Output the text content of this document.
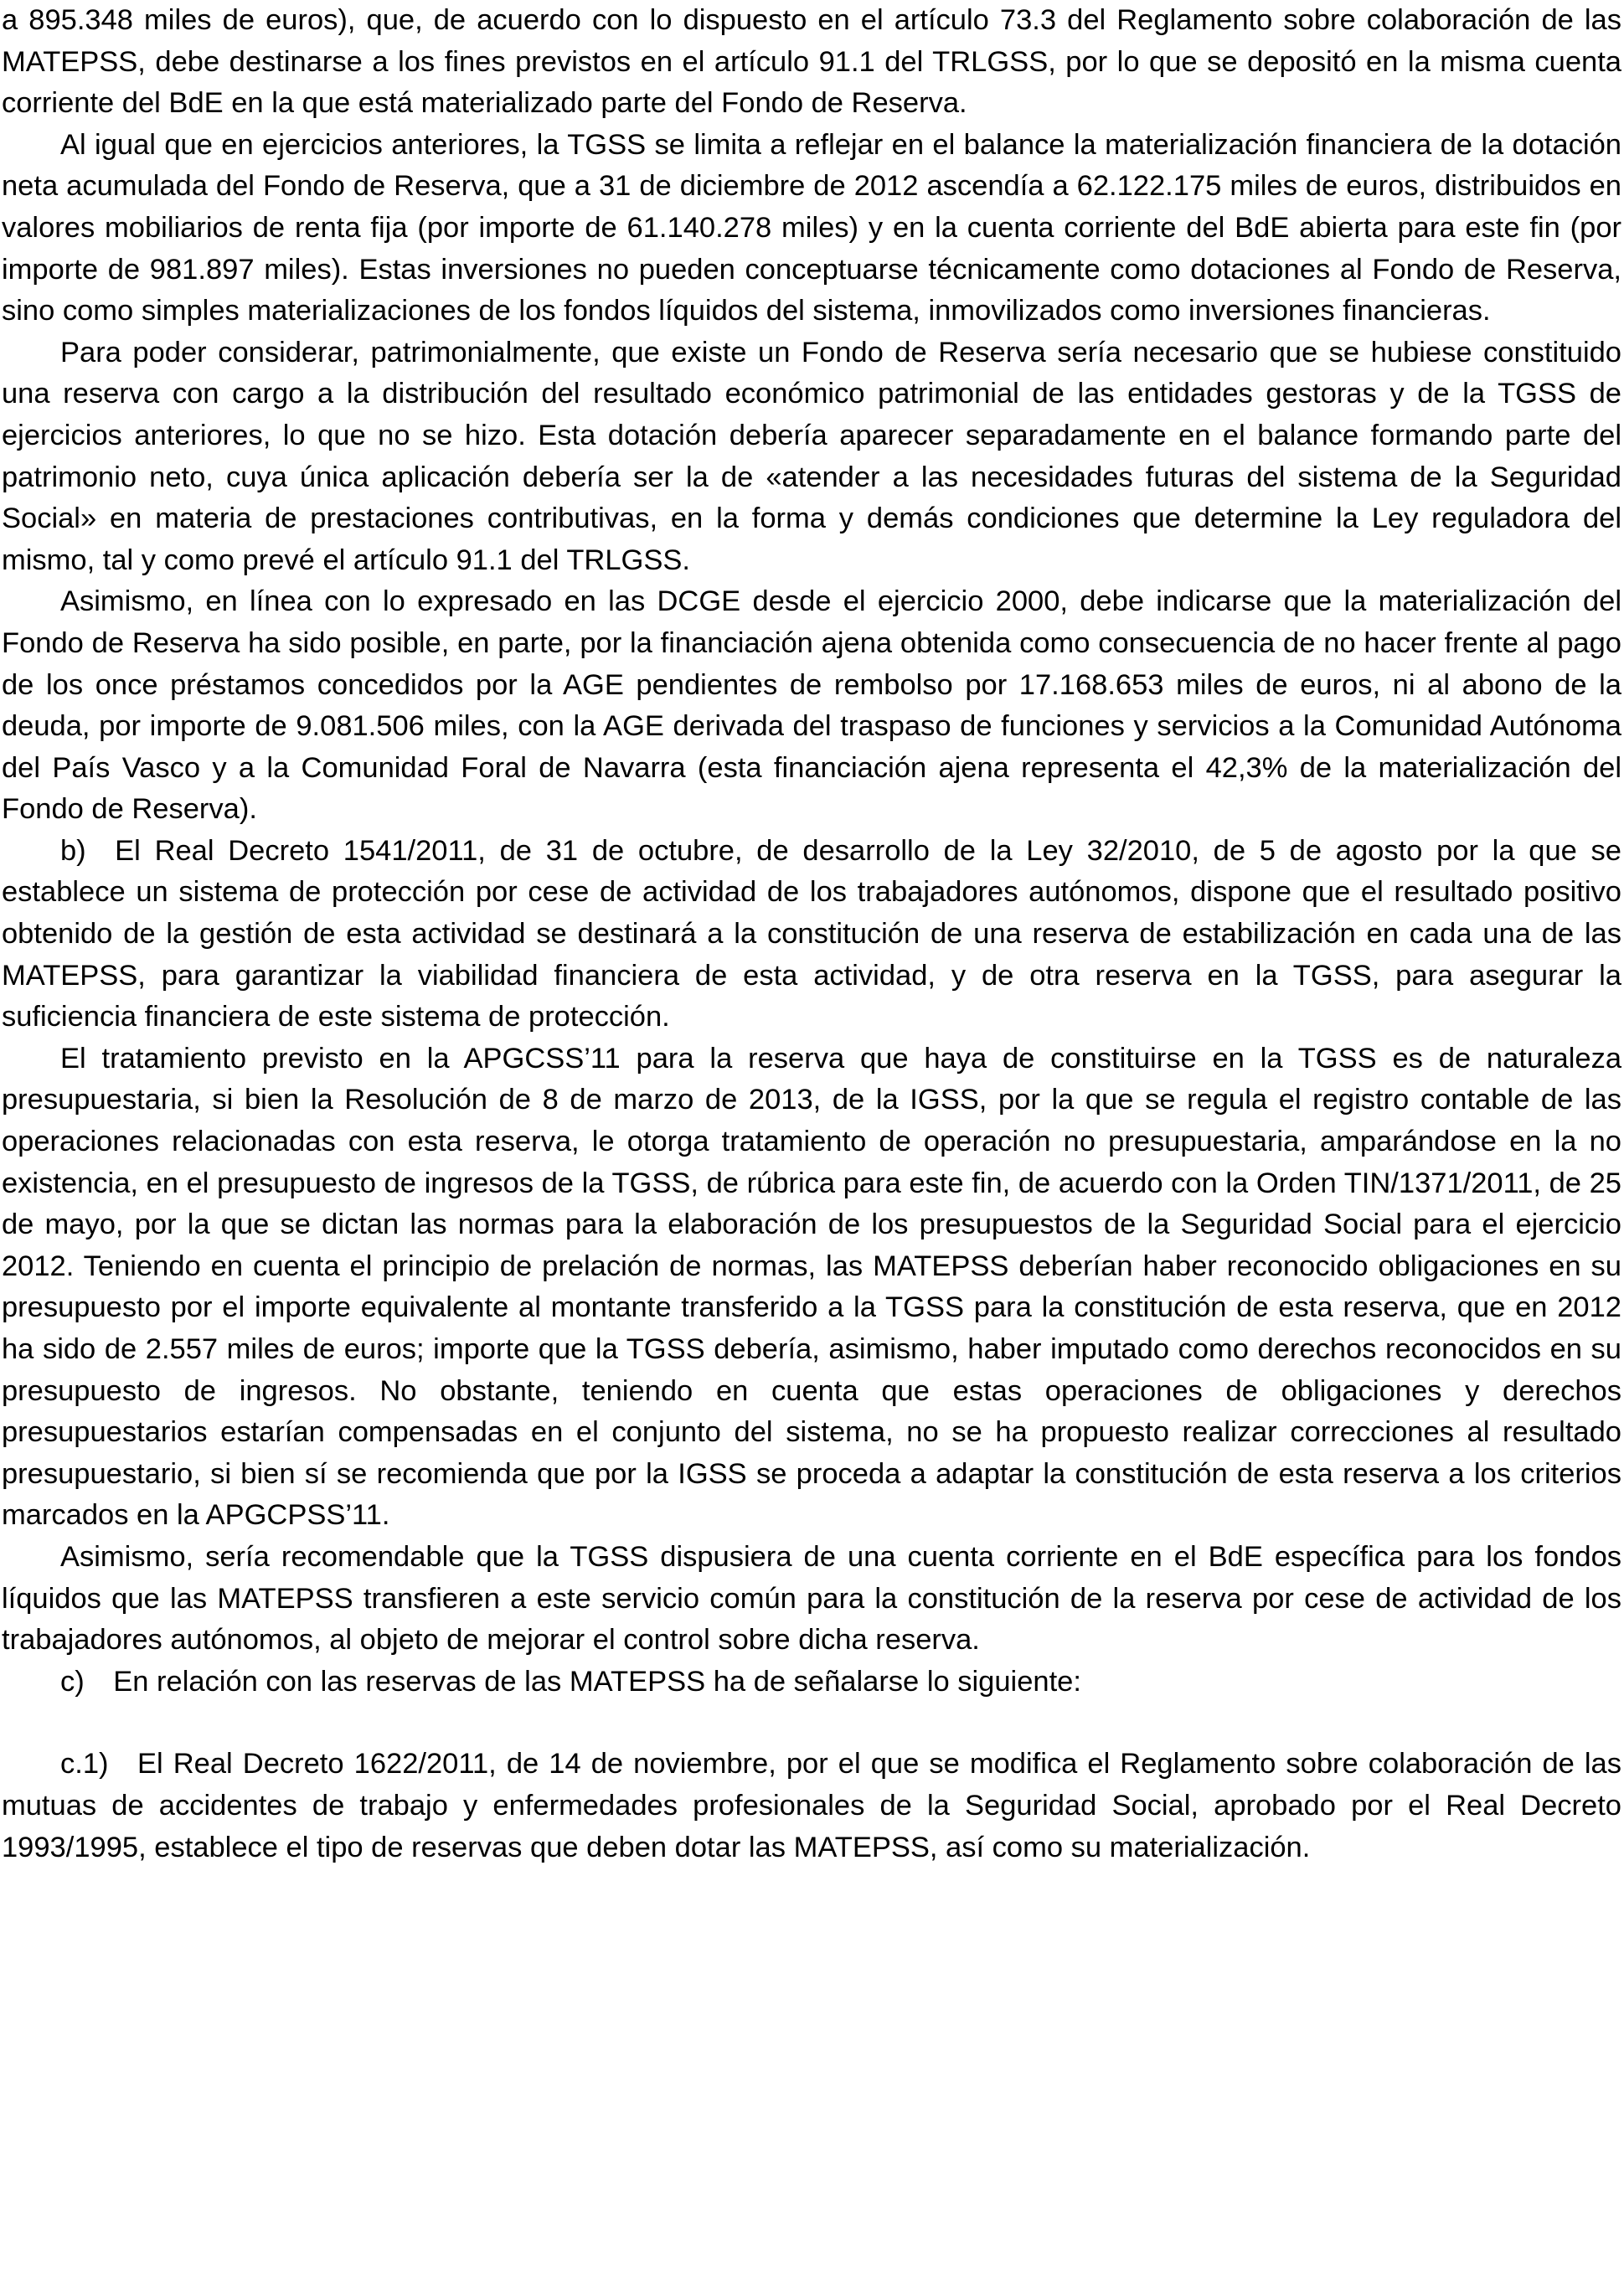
a 895.348 miles de euros), que, de acuerdo con lo dispuesto en el artículo 73.3 del Reglamento sobre colaboración de las MATEPSS, debe destinarse a los fines previstos en el artículo 91.1 del TRLGSS, por lo que se depositó en la misma cuenta corriente del BdE en la que está materializado parte del Fondo de Reserva.

Al igual que en ejercicios anteriores, la TGSS se limita a reflejar en el balance la materialización financiera de la dotación neta acumulada del Fondo de Reserva, que a 31 de diciembre de 2012 ascendía a 62.122.175 miles de euros, distribuidos en valores mobiliarios de renta fija (por importe de 61.140.278 miles) y en la cuenta corriente del BdE abierta para este fin (por importe de 981.897 miles). Estas inversiones no pueden conceptuarse técnicamente como dotaciones al Fondo de Reserva, sino como simples materializaciones de los fondos líquidos del sistema, inmovilizados como inversiones financieras.

Para poder considerar, patrimonialmente, que existe un Fondo de Reserva sería necesario que se hubiese constituido una reserva con cargo a la distribución del resultado económico patrimonial de las entidades gestoras y de la TGSS de ejercicios anteriores, lo que no se hizo. Esta dotación debería aparecer separadamente en el balance formando parte del patrimonio neto, cuya única aplicación debería ser la de «atender a las necesidades futuras del sistema de la Seguridad Social» en materia de prestaciones contributivas, en la forma y demás condiciones que determine la Ley reguladora del mismo, tal y como prevé el artículo 91.1 del TRLGSS.

Asimismo, en línea con lo expresado en las DCGE desde el ejercicio 2000, debe indicarse que la materialización del Fondo de Reserva ha sido posible, en parte, por la financiación ajena obtenida como consecuencia de no hacer frente al pago de los once préstamos concedidos por la AGE pendientes de rembolso por 17.168.653 miles de euros, ni al abono de la deuda, por importe de 9.081.506 miles, con la AGE derivada del traspaso de funciones y servicios a la Comunidad Autónoma del País Vasco y a la Comunidad Foral de Navarra (esta financiación ajena representa el 42,3% de la materialización del Fondo de Reserva).

b) El Real Decreto 1541/2011, de 31 de octubre, de desarrollo de la Ley 32/2010, de 5 de agosto por la que se establece un sistema de protección por cese de actividad de los trabajadores autónomos, dispone que el resultado positivo obtenido de la gestión de esta actividad se destinará a la constitución de una reserva de estabilización en cada una de las MATEPSS, para garantizar la viabilidad financiera de esta actividad, y de otra reserva en la TGSS, para asegurar la suficiencia financiera de este sistema de protección.

El tratamiento previsto en la APGCSS’11 para la reserva que haya de constituirse en la TGSS es de naturaleza presupuestaria, si bien la Resolución de 8 de marzo de 2013, de la IGSS, por la que se regula el registro contable de las operaciones relacionadas con esta reserva, le otorga tratamiento de operación no presupuestaria, amparándose en la no existencia, en el presupuesto de ingresos de la TGSS, de rúbrica para este fin, de acuerdo con la Orden TIN/1371/2011, de 25 de mayo, por la que se dictan las normas para la elaboración de los presupuestos de la Seguridad Social para el ejercicio 2012. Teniendo en cuenta el principio de prelación de normas, las MATEPSS deberían haber reconocido obligaciones en su presupuesto por el importe equivalente al montante transferido a la TGSS para la constitución de esta reserva, que en 2012 ha sido de 2.557 miles de euros; importe que la TGSS debería, asimismo, haber imputado como derechos reconocidos en su presupuesto de ingresos. No obstante, teniendo en cuenta que estas operaciones de obligaciones y derechos presupuestarios estarían compensadas en el conjunto del sistema, no se ha propuesto realizar correcciones al resultado presupuestario, si bien sí se recomienda que por la IGSS se proceda a adaptar la constitución de esta reserva a los criterios marcados en la APGCPSS’11.

Asimismo, sería recomendable que la TGSS dispusiera de una cuenta corriente en el BdE específica para los fondos líquidos que las MATEPSS transfieren a este servicio común para la constitución de la reserva por cese de actividad de los trabajadores autónomos, al objeto de mejorar el control sobre dicha reserva.

c) En relación con las reservas de las MATEPSS ha de señalarse lo siguiente:

c.1) El Real Decreto 1622/2011, de 14 de noviembre, por el que se modifica el Reglamento sobre colaboración de las mutuas de accidentes de trabajo y enfermedades profesionales de la Seguridad Social, aprobado por el Real Decreto 1993/1995, establece el tipo de reservas que deben dotar las MATEPSS, así como su materialización.
